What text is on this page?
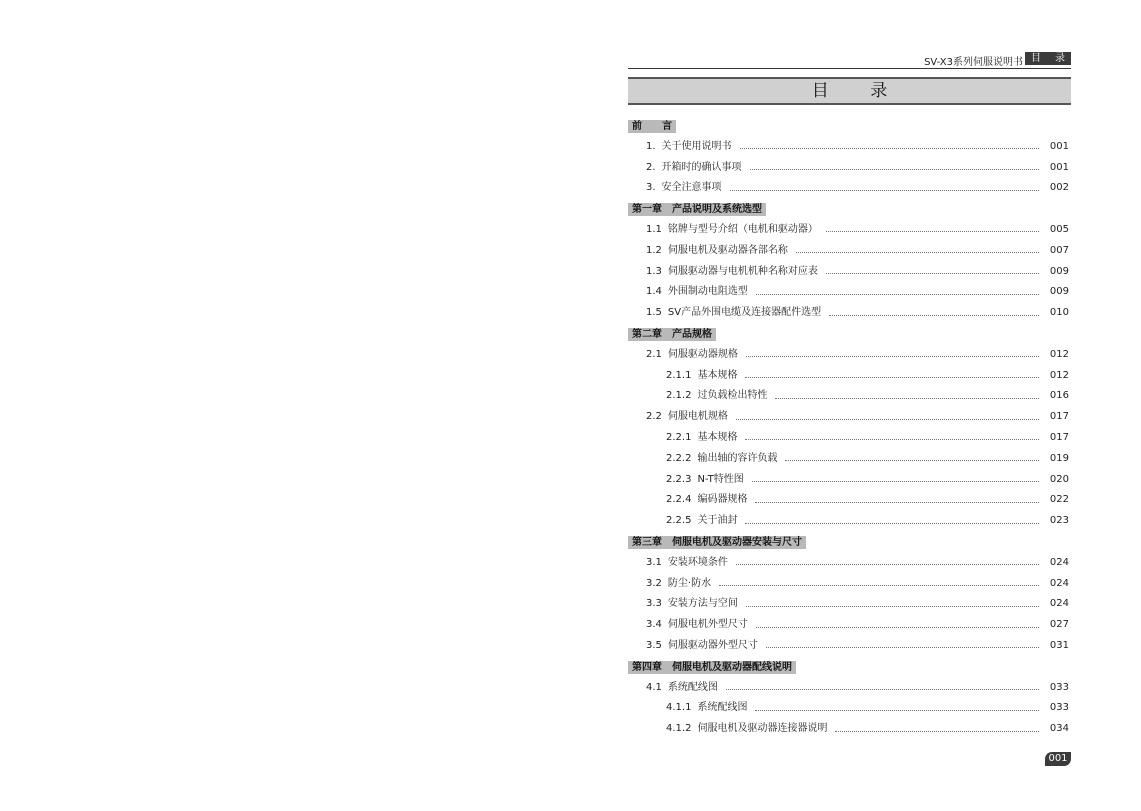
SV-X3系列伺服说明书 目 录
目 录
前　　言
1. 关于使用说明书	001
2. 开箱时的确认事项	001
3. 安全注意事项	002
第一章　产品说明及系统选型
1.1 铭牌与型号介绍（电机和驱动器）	005
1.2 伺服电机及驱动器各部名称	007
1.3 伺服驱动器与电机机种名称对应表	009
1.4 外围制动电阻选型	009
1.5 SV产品外围电缆及连接器配件选型	010
第二章　产品规格
2.1 伺服驱动器规格	012
2.1.1 基本规格	012
2.1.2 过负载检出特性	016
2.2 伺服电机规格	017
2.2.1 基本规格	017
2.2.2 输出轴的容许负载	019
2.2.3 N-T特性图	020
2.2.4 编码器规格	022
2.2.5 关于油封	023
第三章　伺服电机及驱动器安装与尺寸
3.1 安装环境条件	024
3.2 防尘·防水	024
3.3 安装方法与空间	024
3.4 伺服电机外型尺寸	027
3.5 伺服驱动器外型尺寸	031
第四章　伺服电机及驱动器配线说明
4.1 系统配线图	033
4.1.1 系统配线图	033
4.1.2 伺服电机及驱动器连接器说明	034
001
